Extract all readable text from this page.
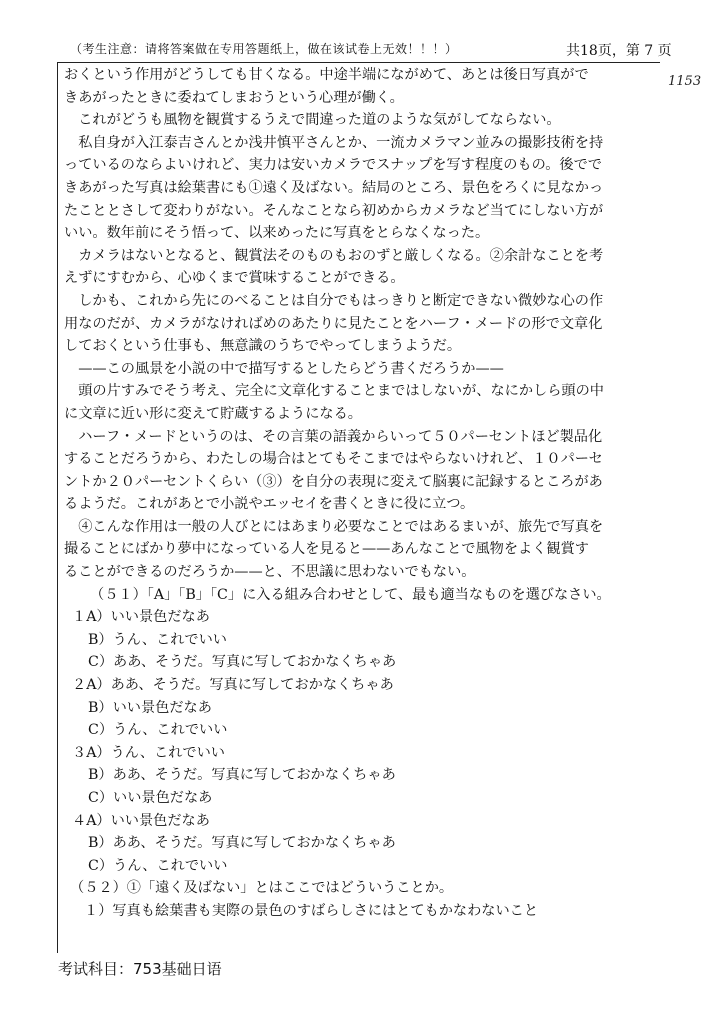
（考生注意：请将答案做在专用答题纸上，做在该试卷上无效！！！）	共18页，第 7 页
1153

おくという作用がどうしても甘くなる。中途半端にながめて、あとは後日写真がで

きあがったときに委ねてしまおうという心理が働く。

　これがどうも風物を観賞するうえで間違った道のような気がしてならない。

　私自身が入江泰吉さんとか浅井慎平さんとか、一流カメラマン並みの撮影技術を持

っているのならよいけれど、実力は安いカメラでスナップを写す程度のもの。後でで

きあがった写真は絵葉書にも①遠く及ばない。結局のところ、景色をろくに見なかっ

たこととさして変わりがない。そんなことなら初めからカメラなど当てにしない方が

いい。数年前にそう悟って、以来めったに写真をとらなくなった。

　カメラはないとなると、観賞法そのものもおのずと厳しくなる。②余計なことを考

えずにすむから、心ゆくまで賞味することができる。

　しかも、これから先にのべることは自分でもはっきりと断定できない微妙な心の作

用なのだが、カメラがなければめのあたりに見たことをハーフ・メードの形で文章化

しておくという仕事も、無意識のうちでやってしまうようだ。

　——この風景を小説の中で描写するとしたらどう書くだろうか——

　頭の片すみでそう考え、完全に文章化することまではしないが、なにかしら頭の中

に文章に近い形に変えて貯蔵するようになる。

　ハーフ・メードというのは、その言葉の語義からいって５０パーセントほど製品化

することだろうから、わたしの場合はとてもそこまではやらないけれど、１０パーセ

ントか２０パーセントくらい（③）を自分の表現に変えて脳裏に記録するところがあ

るようだ。これがあとで小説やエッセイを書くときに役に立つ。

　④こんな作用は一般の人びとにはあまり必要なことではあるまいが、旅先で写真を

撮ることにばかり夢中になっている人を見ると——あんなことで風物をよく観賞す

ることができるのだろうか——と、不思議に思わないでもない。

（５１）「A」「B」「C」に入る組み合わせとして、最も適当なものを選びなさい。

１A）いい景色だなあ

B）うん、これでいい

C）ああ、そうだ。写真に写しておかなくちゃあ

２A）ああ、そうだ。写真に写しておかなくちゃあ

B）いい景色だなあ

C）うん、これでいい

３A）うん、これでいい

B）ああ、そうだ。写真に写しておかなくちゃあ

C）いい景色だなあ

４A）いい景色だなあ

B）ああ、そうだ。写真に写しておかなくちゃあ

C）うん、これでいい

（５２）①「遠く及ばない」とはここではどういうことか。

１）写真も絵葉書も実際の景色のすばらしさにはとてもかなわないこと

考试科目：753基础日语
